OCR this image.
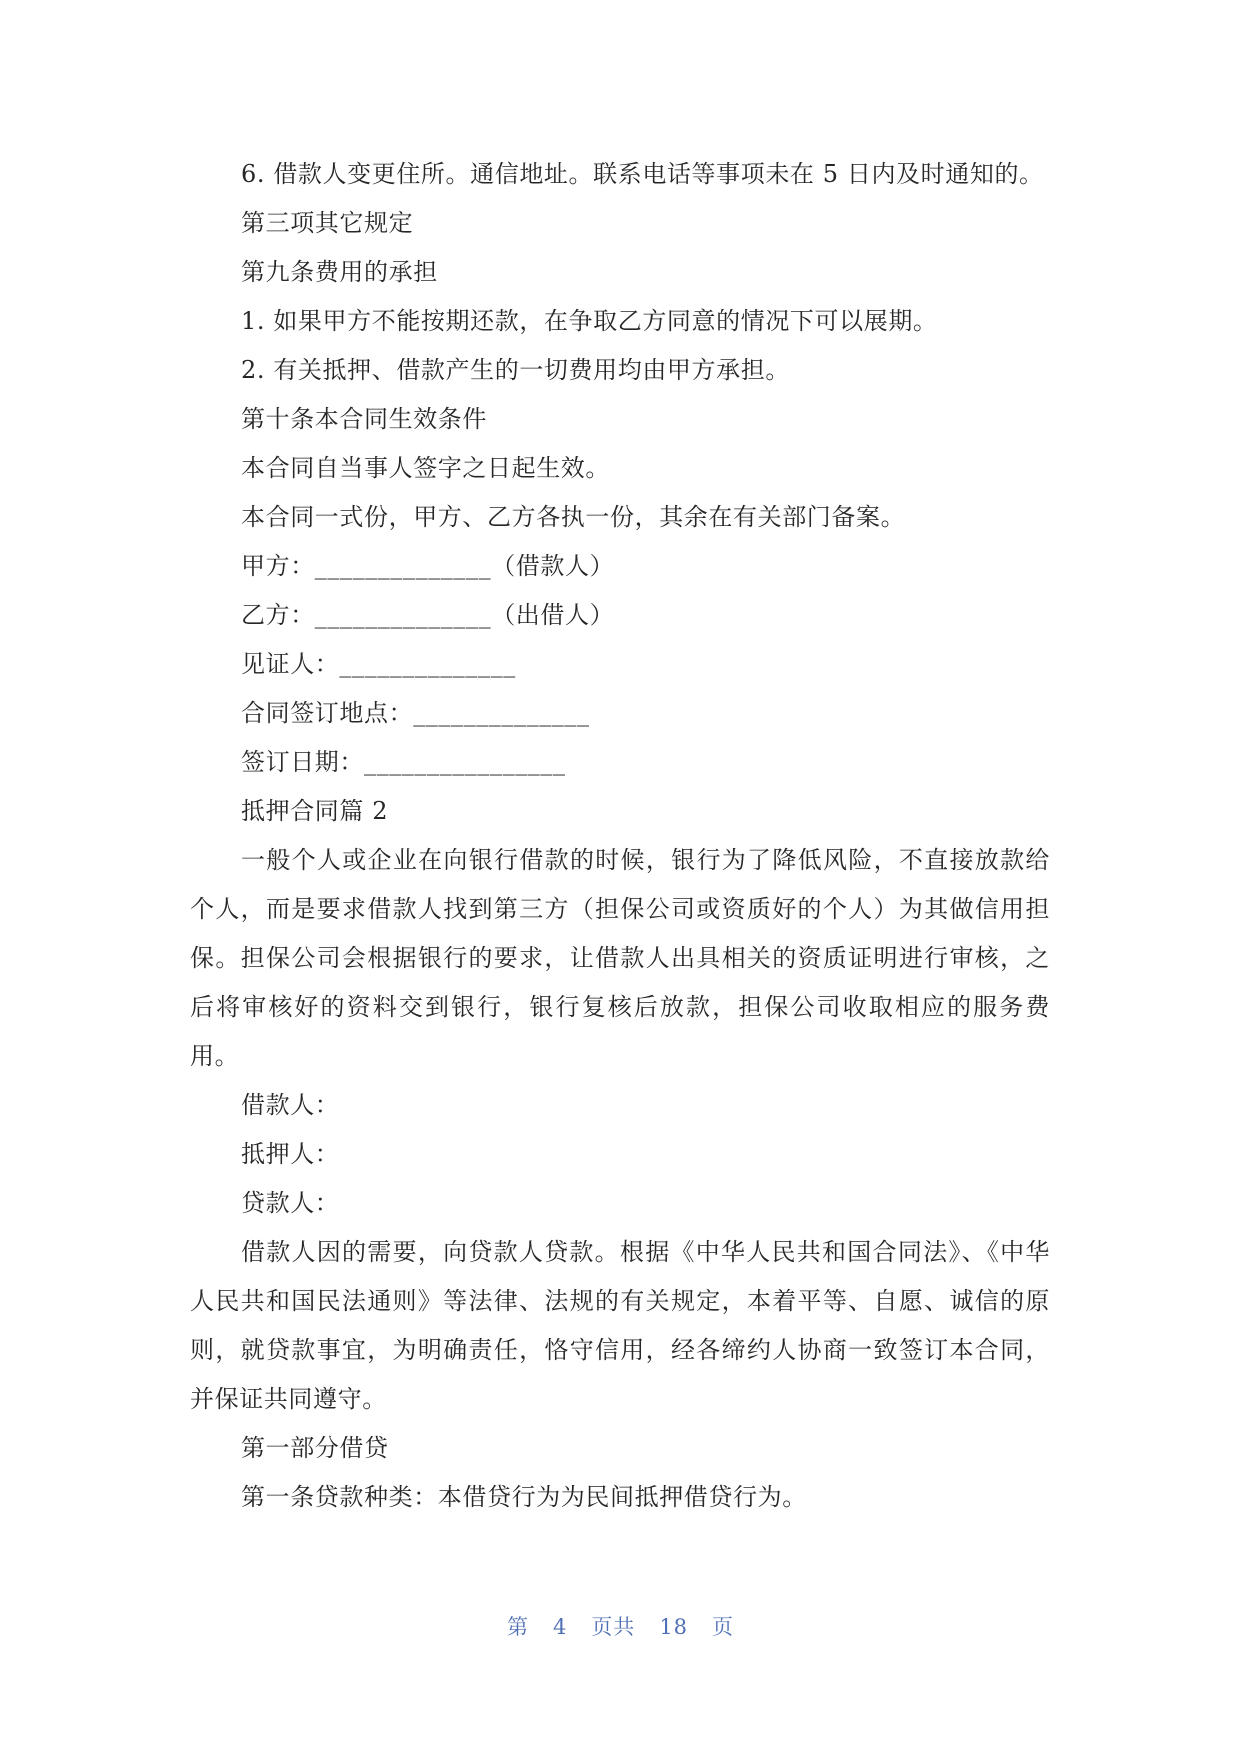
6. 借款人变更住所。通信地址。联系电话等事项未在 5 日内及时通知的。

第三项其它规定

第九条费用的承担

1. 如果甲方不能按期还款，在争取乙方同意的情况下可以展期。

2. 有关抵押、借款产生的一切费用均由甲方承担。

第十条本合同生效条件

本合同自当事人签字之日起生效。

本合同一式份，甲方、乙方各执一份，其余在有关部门备案。

甲方：______________（借款人）

乙方：______________（出借人）

见证人：______________

合同签订地点：______________

签订日期：________________

抵押合同篇 2

一般个人或企业在向银行借款的时候，银行为了降低风险，不直接放款给个人，而是要求借款人找到第三方（担保公司或资质好的个人）为其做信用担保。担保公司会根据银行的要求，让借款人出具相关的资质证明进行审核，之后将审核好的资料交到银行，银行复核后放款，担保公司收取相应的服务费用。

借款人：

抵押人：

贷款人：

借款人因的需要，向贷款人贷款。根据《中华人民共和国合同法》、《中华人民共和国民法通则》等法律、法规的有关规定，本着平等、自愿、诚信的原则，就贷款事宜，为明确责任，恪守信用，经各缔约人协商一致签订本合同，并保证共同遵守。

第一部分借贷

第一条贷款种类：本借贷行为为民间抵押借贷行为。

第 4 页共 18 页
